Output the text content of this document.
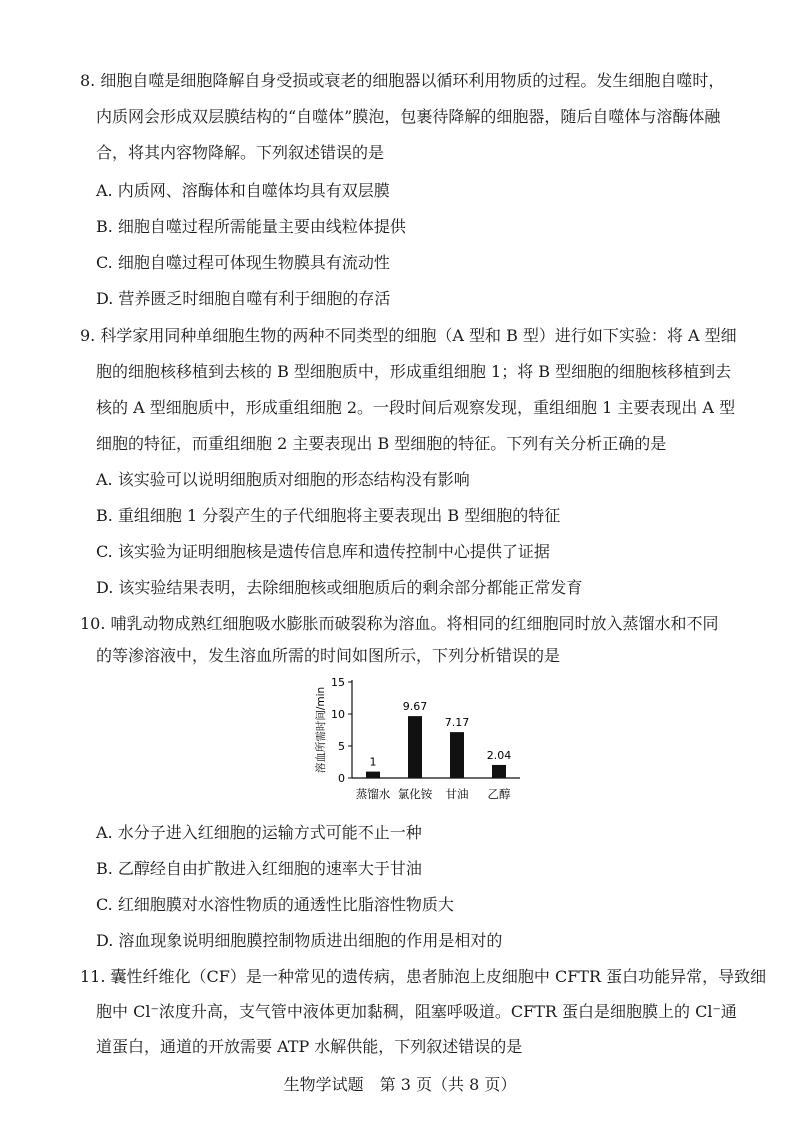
8. 细胞自噬是细胞降解自身受损或衰老的细胞器以循环利用物质的过程。发生细胞自噬时，
内质网会形成双层膜结构的“自噬体”膜泡，包裹待降解的细胞器，随后自噬体与溶酶体融
合，将其内容物降解。下列叙述错误的是
A. 内质网、溶酶体和自噬体均具有双层膜
B. 细胞自噬过程所需能量主要由线粒体提供
C. 细胞自噬过程可体现生物膜具有流动性
D. 营养匮乏时细胞自噬有利于细胞的存活
9. 科学家用同种单细胞生物的两种不同类型的细胞（A 型和 B 型）进行如下实验：将 A 型细
胞的细胞核移植到去核的 B 型细胞质中，形成重组细胞 1；将 B 型细胞的细胞核移植到去
核的 A 型细胞质中，形成重组细胞 2。一段时间后观察发现，重组细胞 1 主要表现出 A 型
细胞的特征，而重组细胞 2 主要表现出 B 型细胞的特征。下列有关分析正确的是
A. 该实验可以说明细胞质对细胞的形态结构没有影响
B. 重组细胞 1 分裂产生的子代细胞将主要表现出 B 型细胞的特征
C. 该实验为证明细胞核是遗传信息库和遗传控制中心提供了证据
D. 该实验结果表明，去除细胞核或细胞质后的剩余部分都能正常发育
10. 哺乳动物成熟红细胞吸水膨胀而破裂称为溶血。将相同的红细胞同时放入蒸馏水和不同
的等渗溶液中，发生溶血所需的时间如图所示，下列分析错误的是
溶血所需时间/min
0
5
10
15
1
9.67
7.17
2.04
蒸馏水 氯化铵 甘油 乙醇
A. 水分子进入红细胞的运输方式可能不止一种
B. 乙醇经自由扩散进入红细胞的速率大于甘油
C. 红细胞膜对水溶性物质的通透性比脂溶性物质大
D. 溶血现象说明细胞膜控制物质进出细胞的作用是相对的
11. 囊性纤维化（CF）是一种常见的遗传病，患者肺泡上皮细胞中 CFTR 蛋白功能异常，导致细
胞中 Cl⁻浓度升高，支气管中液体更加黏稠，阻塞呼吸道。CFTR 蛋白是细胞膜上的 Cl⁻通
道蛋白，通道的开放需要 ATP 水解供能，下列叙述错误的是
生物学试题　第 3 页（共 8 页）
